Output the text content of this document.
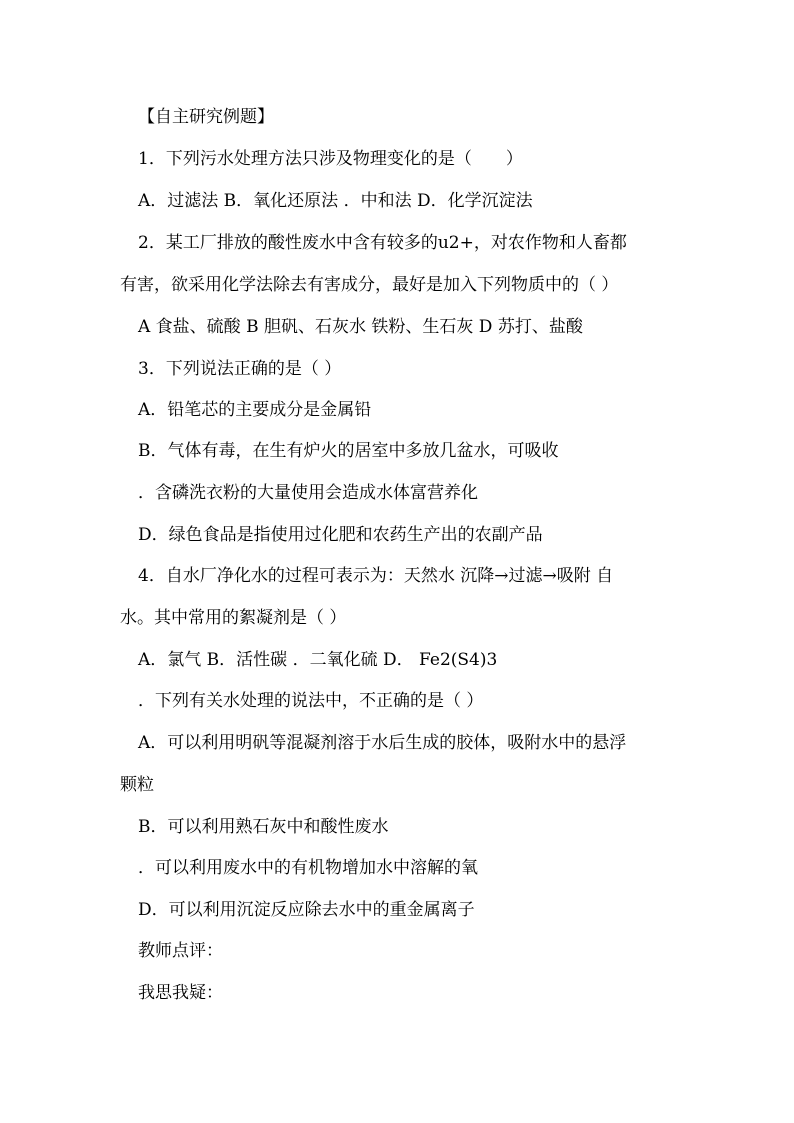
【自主研究例题】
1．下列污水处理方法只涉及物理变化的是（　　）
A．过滤法 B．氧化还原法 ．中和法 D．化学沉淀法
2．某工厂排放的酸性废水中含有较多的u2+，对农作物和人畜都
有害，欲采用化学法除去有害成分，最好是加入下列物质中的（ ）
A 食盐、硫酸 B 胆矾、石灰水 铁粉、生石灰 D 苏打、盐酸
3．下列说法正确的是（ ）
A．铅笔芯的主要成分是金属铅
B．气体有毒，在生有炉火的居室中多放几盆水，可吸收
．含磷洗衣粉的大量使用会造成水体富营养化
D．绿色食品是指使用过化肥和农药生产出的农副产品
4．自水厂净化水的过程可表示为：天然水 沉降→过滤→吸附 自
水。其中常用的絮凝剂是（ ）
A．氯气 B．活性碳 ．二氧化硫 D． Fe2(S4)3
．下列有关水处理的说法中，不正确的是（ ）
A．可以利用明矾等混凝剂溶于水后生成的胶体，吸附水中的悬浮
颗粒
B．可以利用熟石灰中和酸性废水
．可以利用废水中的有机物增加水中溶解的氧
D．可以利用沉淀反应除去水中的重金属离子
教师点评：
我思我疑：
